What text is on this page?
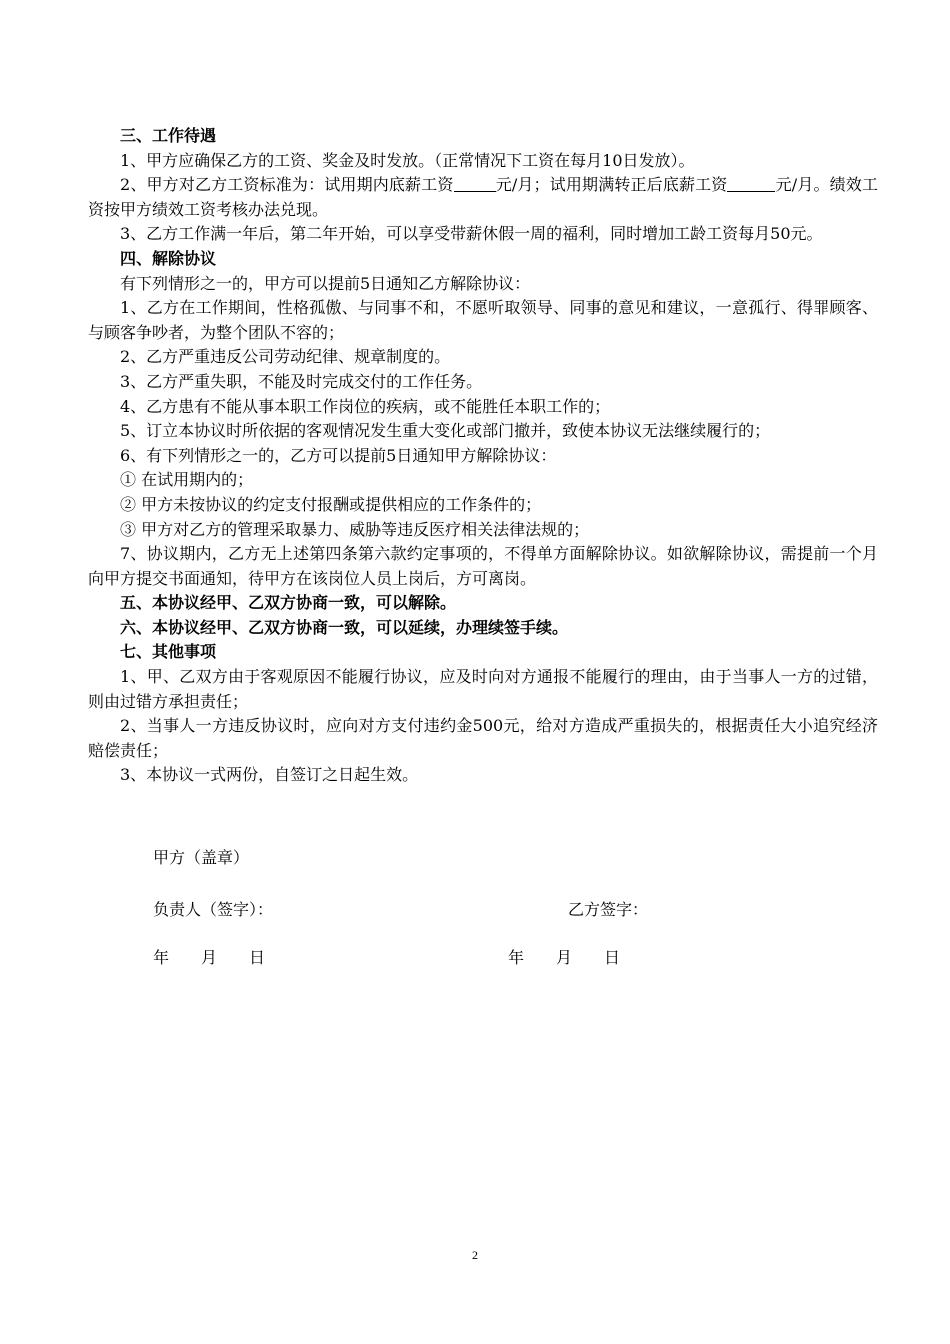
三、工作待遇

1、甲方应确保乙方的工资、奖金及时发放。（正常情况下工资在每月10日发放）。

2、甲方对乙方工资标准为：试用期内底薪工资	元/月；试用期满转正后底薪工资	元/月。绩效工资按甲方绩效工资考核办法兑现。

3、乙方工作满一年后，第二年开始，可以享受带薪休假一周的福利，同时增加工龄工资每月50元。

四、解除协议

有下列情形之一的，甲方可以提前5日通知乙方解除协议：

1、乙方在工作期间，性格孤傲、与同事不和，不愿听取领导、同事的意见和建议，一意孤行、得罪顾客、与顾客争吵者，为整个团队不容的；

2、乙方严重违反公司劳动纪律、规章制度的。

3、乙方严重失职，不能及时完成交付的工作任务。

4、乙方患有不能从事本职工作岗位的疾病，或不能胜任本职工作的；

5、订立本协议时所依据的客观情况发生重大变化或部门撤并，致使本协议无法继续履行的；

6、有下列情形之一的，乙方可以提前5日通知甲方解除协议：

① 在试用期内的；

② 甲方未按协议的约定支付报酬或提供相应的工作条件的；

③ 甲方对乙方的管理采取暴力、威胁等违反医疗相关法律法规的；

7、协议期内，乙方无上述第四条第六款约定事项的，不得单方面解除协议。如欲解除协议，需提前一个月向甲方提交书面通知，待甲方在该岗位人员上岗后，方可离岗。

五、本协议经甲、乙双方协商一致，可以解除。

六、本协议经甲、乙双方协商一致，可以延续，办理续签手续。

七、其他事项

1、甲、乙双方由于客观原因不能履行协议，应及时向对方通报不能履行的理由，由于当事人一方的过错，则由过错方承担责任；

2、当事人一方违反协议时，应向对方支付违约金500元，给对方造成严重损失的，根据责任大小追究经济赔偿责任；

3、本协议一式两份，自签订之日起生效。

甲方（盖章）
负责人（签字）：	乙方签字：
年　　月　　日	年　　月　　日
2
